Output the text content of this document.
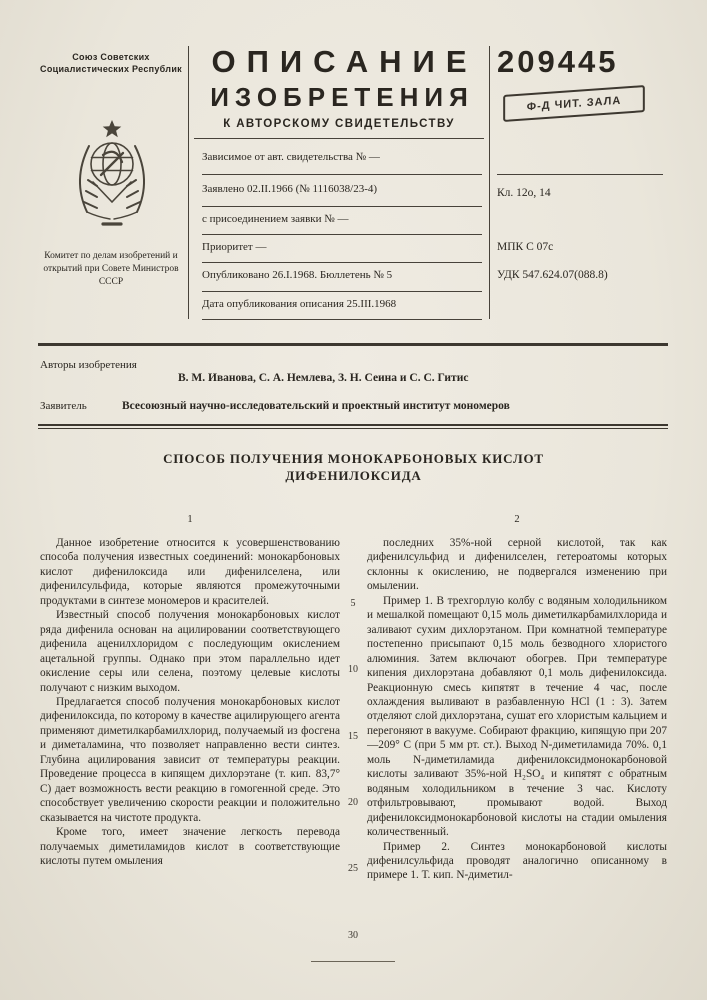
Союз Советских Социалистических Республик
Комитет по делам изобретений и открытий при Совете Министров СССР
ОПИСАНИЕ
ИЗОБРЕТЕНИЯ
К АВТОРСКОМУ СВИДЕТЕЛЬСТВУ
Зависимое от авт. свидетельства № —
Заявлено 02.II.1966 (№ 1116038/23-4)
с присоединением заявки № —
Приоритет —
Опубликовано 26.I.1968. Бюллетень № 5
Дата опубликования описания 25.III.1968
209445
Ф-Д ЧИТ. ЗАЛА
Кл. 12o, 14
МПК С 07с
УДК 547.624.07(088.8)
Авторы изобретения
В. М. Иванова, С. А. Немлева, З. Н. Сеина и С. С. Гитис
Заявитель	Всесоюзный научно-исследовательский и проектный институт мономеров
СПОСОБ ПОЛУЧЕНИЯ МОНОКАРБОНОВЫХ КИСЛОТ
ДИФЕНИЛОКСИДА
1	2

Данное изобретение относится к усовершенствованию способа получения известных соединений: монокарбоновых кислот дифенилоксида или дифенилселена, или дифенилсульфида, которые являются промежуточными продуктами в синтезе мономеров и красителей.

Известный способ получения монокарбоновых кислот ряда дифенила основан на ацилировании соответствующего дифенила аценилхлоридом с последующим окислением ацетальной группы. Однако при этом параллельно идет окисление серы или селена, поэтому целевые кислоты получают с низким выходом.

Предлагается способ получения монокарбоновых кислот дифенилоксида, по которому в качестве ацилирующего агента применяют диметилкарбамилхлорид, получаемый из фосгена и диметаламина, что позволяет направленно вести синтез. Глубина ацилирования зависит от температуры реакции. Проведение процесса в кипящем дихлорэтане (т. кип. 83,7° С) дает возможность вести реакцию в гомогенной среде. Это способствует увеличению скорости реакции и положительно сказывается на чистоте продукта.

Кроме того, имеет значение легкость перевода получаемых диметиламидов кислот в соответствующие кислоты путем омыления

последних 35%-ной серной кислотой, так как дифенилсульфид и дифенилселен, гетероатомы которых склонны к окислению, не подвергался изменению при омылении.

Пример 1. В трехгорлую колбу с водяным холодильником и мешалкой помещают 0,15 моль диметилкарбамилхлорида и заливают сухим дихлорэтаном. При комнатной температуре постепенно присыпают 0,15 моль безводного хлористого алюминия. Затем включают обогрев. При температуре кипения дихлорэтана добавляют 0,1 моль дифенилоксида. Реакционную смесь кипятят в течение 4 час, после охлаждения выливают в разбавленную HCl (1 : 3). Затем отделяют слой дихлорэтана, сушат его хлористым кальцием и перегоняют в вакууме. Собирают фракцию, кипящую при 207—209° С (при 5 мм рт. ст.). Выход N-диметиламида 70%. 0,1 моль N-диметиламида дифенилоксидмонокарбоновой кислоты заливают 35%-ной H₂SO₄ и кипятят с обратным водяным холодильником в течение 3 час. Кислоту отфильтровывают, промывают водой. Выход дифенилоксидмонокарбоновой кислоты на стадии омыления количественный.

Пример 2. Синтез монокарбоновой кислоты дифенилсульфида проводят аналогично описанному в примере 1. Т. кип. N-диметил-

5
10
15
20
25
30
